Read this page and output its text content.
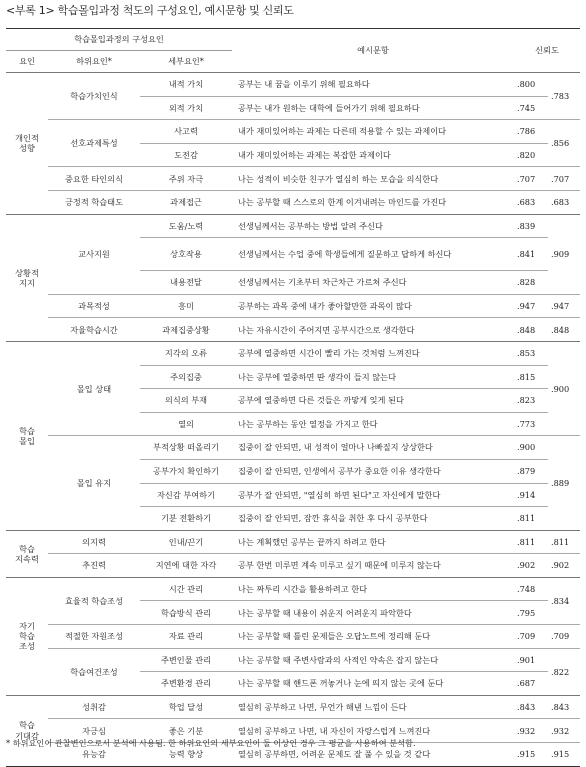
<부록 1> 학습몰입과정 척도의 구성요인, 예시문항 및 신뢰도
학습몰입과정의 구성요인			예시문항	신뢰도	
요인	하위요인*	세부요인*			
개인적
성향	학습가치인식	내적 가치	공부는 내 꿈을 이루기 위해 필요하다	.800	.783
		외적 가치	공부는 내가 원하는 대학에 들어가기 위해 필요하다	.745	
	선호과제특성	사고력	내가 재미있어하는 과제는 다른데 적용할 수 있는 과제이다	.786	.856
		도전감	내가 재미있어하는 과제는 복잡한 과제이다	.820	
	중요한 타인의식	주위 자극	나는 성적이 비슷한 친구가 열심히 하는 모습을 의식한다	.707	.707
	긍정적 학습태도	과제접근	나는 공부할 때 스스로의 한계 이겨내려는 마인드를 가진다	.683	.683
상황적
지지	교사지원	도움/노력	선생님께서는 공부하는 방법 알려 주신다	.839	.909
		상호작용	선생님께서는 수업 중에 학생들에게 질문하고 답하게 하신다	.841	
		내용전달	선생님께서는 기초부터 차근차근 가르쳐 주신다	.828	
	과목적성	흥미	공부하는 과목 중에 내가 좋아할만한 과목이 많다	.947	.947
	자율학습시간	과제집중상황	나는 자유시간이 주어지면 공부시간으로 생각한다	.848	.848
학습
몰입	몰입 상태	지각의 오류	공부에 열중하면 시간이 빨리 가는 것처럼 느껴진다	.853	.900
		주의집중	나는 공부에 열중하면 딴 생각이 들지 않는다	.815	
		의식의 부재	공부에 열중하면 다른 것들은 까맣게 잊게 된다	.823	
		열의	나는 공부하는 동안 열정을 가지고 한다	.773	
	몰입 유지	부적상황 떠올리기	집중이 잘 안되면, 내 성적이 얼마나 나빠질지 상상한다	.900	.889
		공부가치 확인하기	집중이 잘 안되면, 인생에서 공부가 중요한 이유 생각한다	.879	
		자신감 부여하기	공부가 잘 안되면, "열심히 하면 된다"고 자신에게 말한다	.914	
		기분 전환하기	집중이 잘 안되면, 잠깐 휴식을 취한 후 다시 공부한다	.811	
학습
지속력	의지력	인내/끈기	나는 계획했던 공부는 끝까지 하려고 한다	.811	.811
	추진력	지연에 대한 자각	공부 한번 미루면 계속 미루고 싶기 때문에 미루지 않는다	.902	.902
자기
학습
조성	효율적 학습조성	시간 관리	나는 짜투리 시간을 활용하려고 한다	.748	.834
		학습방식 관리	나는 공부할 때 내용이 쉬운지 어려운지 파악한다	.795	
	적절한 자원조성	자료 관리	나는 공부할 때 틀린 문제들은 오답노트에 정리해 둔다	.709	.709
	학습여건조성	주변인물 관리	나는 공부할 때 주변사람과의 사적인 약속은 잡지 않는다	.901	.822
		주변환경 관리	나는 공부할 때 핸드폰 꺼놓거나 눈에 띄지 않는 곳에 둔다	.687	
학습
기대감	성취감	학업 달성	열심히 공부하고 나면, 무언가 해낸 느낌이 든다	.843	.843
	자긍심	좋은 기분	열심히 공부하고 나면, 내 자신이 자랑스럽게 느껴진다	.932	.932
	유능감	능력 향상	열심히 공부하면, 어려운 문제도 잘 풀 수 있을 것 같다	.915	.915
* 하위요인이 관찰변인으로서 분석에 사용됨. 한 하위요인의 세부요인이 둘 이상인 경우 그 평균을 사용하여 분석함.
